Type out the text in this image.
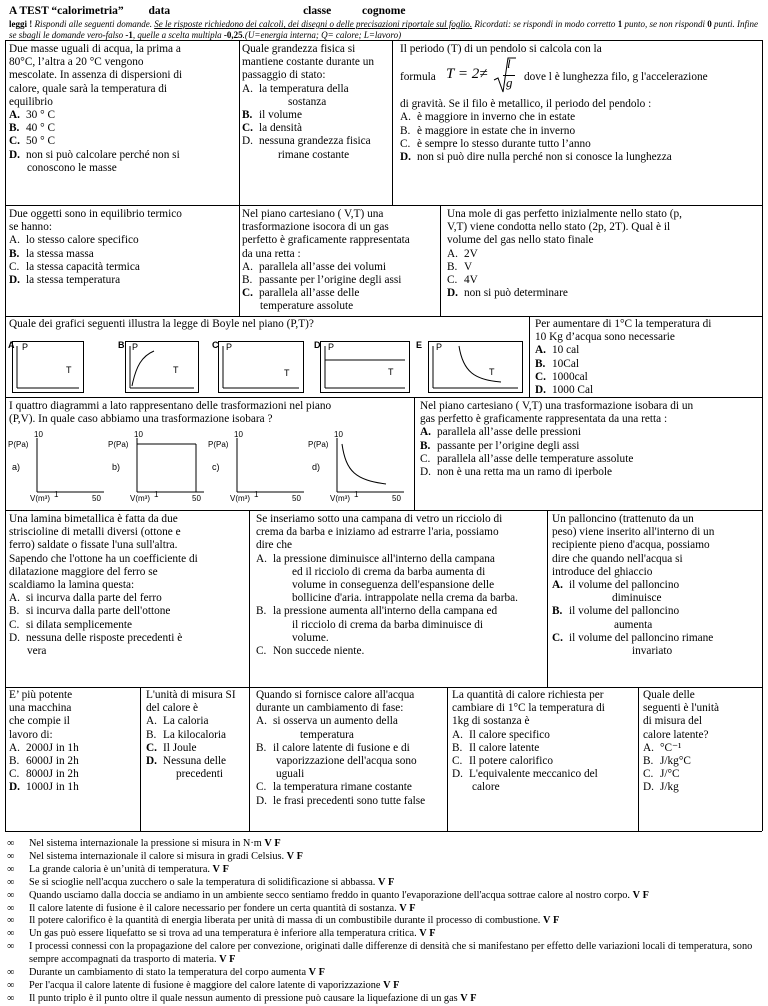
A TEST “calorimetria” data	classe	cognome
leggi ! Rispondi alle seguenti domande. Se le risposte richiedono dei calcoli, dei disegni o delle precisazioni riportale sul foglio. Ricordati: se rispondi in modo corretto 1 punto, se non rispondi 0 punti. Infine se sbagli le domande vero-falso -1, quelle a scelta multipla -0,25.(U=energia interna; Q= calore; L=lavoro)
Due masse uguali di acqua, la prima a
80°C, l’altra a 20 °C vengono
mescolate. In assenza di dispersioni di
calore, quale sarà la temperatura di
equilibrio
A. 30 ° C
B. 40 ° C
C. 50 ° C
D. non si può calcolare perché non si
conoscono le masse
Quale grandezza fisica si
mantiene costante durante un
passaggio di stato:
A. la temperatura della
sostanza
B. il volume
C. la densità
D. nessuna grandezza fisica
rimane costante
Il periodo (T) di un pendolo si calcola con la
formula T = 2≠
l
g dove l è lunghezza filo, g l'accelerazione
di gravità. Se il filo è metallico, il periodo del pendolo :
A. è maggiore in inverno che in estate
B. è maggiore in estate che in inverno
C. è sempre lo stesso durante tutto l’anno
D. non si può dire nulla perché non si conosce la lunghezza
Due oggetti sono in equilibrio termico
se hanno:
A. lo stesso calore specifico
B. la stessa massa
C. la stessa capacità termica
D. la stessa temperatura
Nel piano cartesiano ( V,T) una
trasformazione isocora di un gas
perfetto è graficamente rappresentata
da una retta :
A. parallela all’asse dei volumi
B. passante per l’origine degli assi
C. parallela all’asse delle
temperature assolute
Una mole di gas perfetto inizialmente nello stato (p,
V,T) viene condotta nello stato (2p, 2T). Qual è il
volume del gas nello stato finale
A. 2V
B. V
C. 4V
D. non si può determinare
Quale dei grafici seguenti illustra la legge di Boyle nel piano (P,T)?
A P
T
B P
T
C P
T
D P
T
E P
T
Per aumentare di 1°C la temperatura di
10 Kg d’acqua sono necessarie
A. 10 cal
B. 10Cal
C. 1000cal
D. 1000 Cal
I quattro diagrammi a lato rappresentano delle trasformazioni nel piano
(P,V). In quale caso abbiamo una trasformazione isobara ?
10
P(Pa)
a)
V(m³) 1	50
10
P(Pa)
b)
V(m³) 1	50
10
P(Pa)
c)
V(m³) 1	50
10
P(Pa)
d)
V(m³) 1	50
Nel piano cartesiano ( V,T) una trasformazione isobara di un
gas perfetto è graficamente rappresentata da una retta :
A. parallela all’asse delle pressioni
B. passante per l’origine degli assi
C. parallela all’asse delle temperature assolute
D. non è una retta ma un ramo di iperbole
Una lamina bimetallica è fatta da due
striscioline di metalli diversi (ottone e
ferro) saldate o fissate l'una sull'altra.
Sapendo che l'ottone ha un coefficiente di
dilatazione maggiore del ferro se
scaldiamo la lamina questa:
A. si incurva dalla parte del ferro
B. si incurva dalla parte dell'ottone
C. si dilata semplicemente
D. nessuna delle risposte precedenti è
vera
Se inseriamo sotto una campana di vetro un ricciolo di
crema da barba e iniziamo ad estrarre l'aria, possiamo
dire che
A. la pressione diminuisce all'interno della campana
ed il ricciolo di crema da barba aumenta di
volume in conseguenza dell'espansione delle
bollicine d'aria. intrappolate nella crema da barba.
B. la pressione aumenta all'interno della campana ed
il ricciolo di crema da barba diminuisce di
volume.
C. Non succede niente.
Un palloncino (trattenuto da un
peso) viene inserito all'interno di un
recipiente pieno d'acqua, possiamo
dire che quando nell'acqua si
introduce del ghiaccio
A. il volume del palloncino
diminuisce
B. il volume del palloncino
aumenta
C. il volume del palloncino rimane
invariato
E’ più potente
una macchina
che compie il
lavoro di:
A. 2000J in 1h
B. 6000J in 2h
C. 8000J in 2h
D. 1000J in 1h
L'unità di misura SI
del calore è
A. La caloria
B. La kilocaloria
C. Il Joule
D. Nessuna delle
precedenti
Quando si fornisce calore all'acqua
durante un cambiamento di fase:
A. si osserva un aumento della
temperatura
B. il calore latente di fusione e di
vaporizzazione dell'acqua sono
uguali
C. la temperatura rimane costante
D. le frasi precedenti sono tutte false
La quantità di calore richiesta per
cambiare di 1°C la temperatura di
1kg di sostanza è
A. Il calore specifico
B. Il calore latente
C. Il potere calorifico
D. L'equivalente meccanico del
calore
Quale delle
seguenti è l'unità
di misura del
calore latente?
A. °C⁻¹
B. J/kg°C
C. J/°C
D. J/kg
∞	Nel sistema internazionale la pressione si misura in N·m V F
∞	Nel sistema internazionale il calore si misura in gradi Celsius. V F
∞	La grande caloria è un’unità di temperatura. V F
∞	Se si scioglie nell'acqua zucchero o sale la temperatura di solidificazione si abbassa. V F
∞	Quando usciamo dalla doccia se andiamo in un ambiente secco sentiamo freddo in quanto l'evaporazione dell'acqua sottrae calore al nostro corpo. V F
∞	Il calore latente di fusione è il calore necessario per fondere un certa quantità di sostanza. V F
∞	Il potere calorifico è la quantità di energia liberata per unità di massa di un combustibile durante il processo di combustione. V F
∞	Un gas può essere liquefatto se si trova ad una temperatura è inferiore alla temperatura critica. V F
∞	I processi connessi con la propagazione del calore per convezione, originati dalle differenze di densità che si manifestano per effetto delle variazioni locali di temperatura, sono sempre accompagnati da trasporto di materia. V F
∞	Durante un cambiamento di stato la temperatura del corpo aumenta V F
∞	Per l'acqua il calore latente di fusione è maggiore del calore latente di vaporizzazione V F
∞	Il punto triplo è il punto oltre il quale nessun aumento di pressione può causare la liquefazione di un gas V F
